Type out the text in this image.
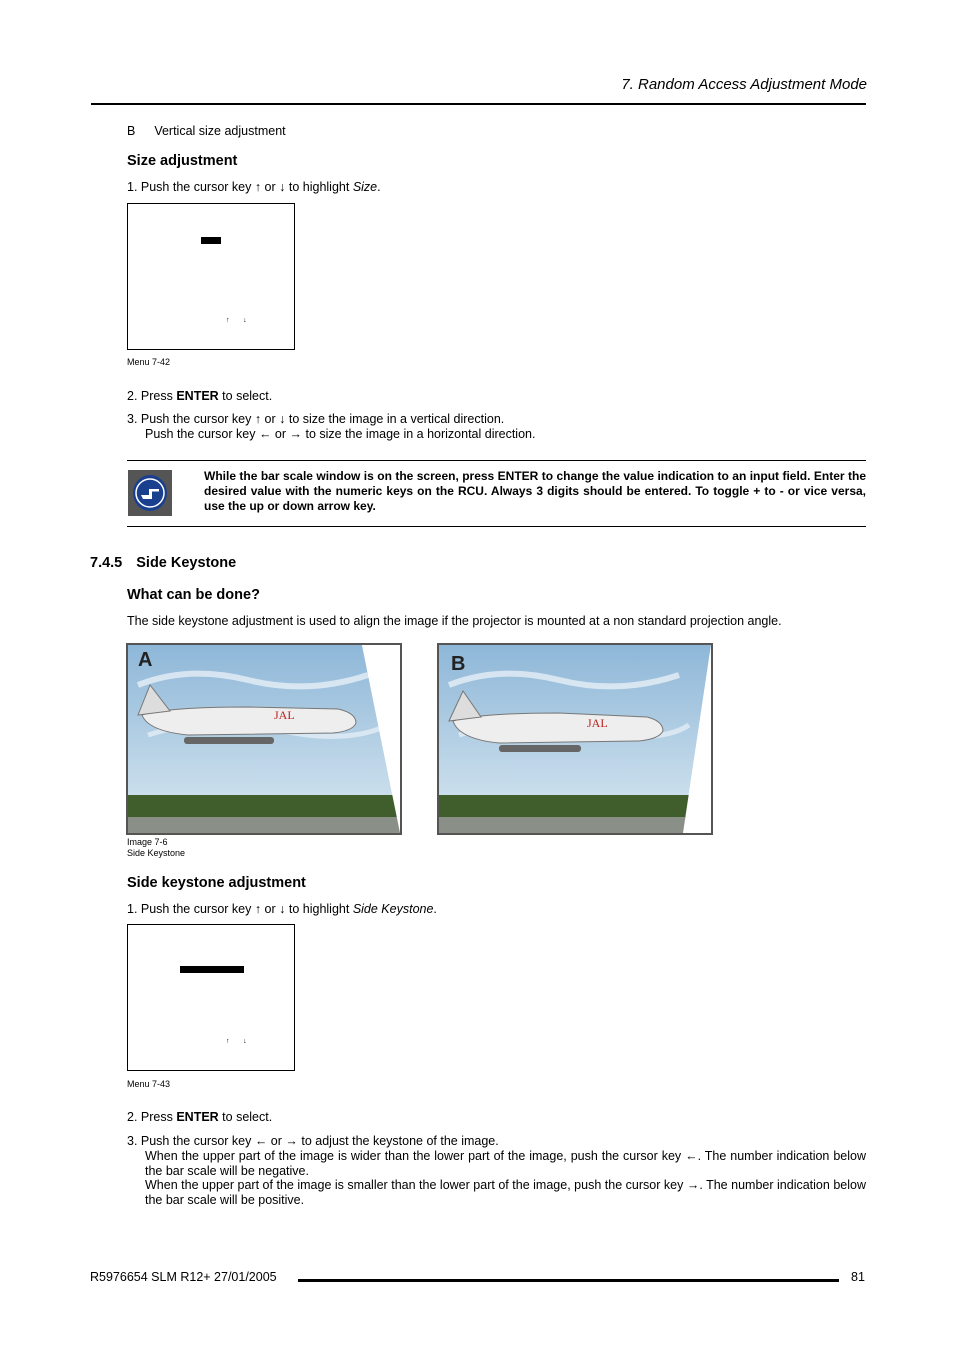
7. Random Access Adjustment Mode
B Vertical size adjustment
Size adjustment
1. Push the cursor key ↑ or ↓ to highlight Size.
↑       ↓
Menu 7-42
2. Press ENTER to select.
3. Push the cursor key ↑ or ↓ to size the image in a vertical direction.
Push the cursor key ← or → to size the image in a horizontal direction.
While the bar scale window is on the screen, press ENTER to change the value indication to an input field. Enter the desired value with the numeric keys on the RCU. Always 3 digits should be entered. To toggle + to - or vice versa, use the up or down arrow key.
7.4.5 Side Keystone
What can be done?
The side keystone adjustment is used to align the image if the projector is mounted at a non standard projection angle.
JAL
A
JAL
B
Image 7-6
Side Keystone
Side keystone adjustment
1. Push the cursor key ↑ or ↓ to highlight Side Keystone.
↑       ↓
Menu 7-43
2. Press ENTER to select.
3. Push the cursor key ← or → to adjust the keystone of the image.
When the upper part of the image is wider than the lower part of the image, push the cursor key ←. The number indication below the bar scale will be negative.
When the upper part of the image is smaller than the lower part of the image, push the cursor key →. The number indication below the bar scale will be positive.
R5976654 SLM R12+ 27/01/2005	81
